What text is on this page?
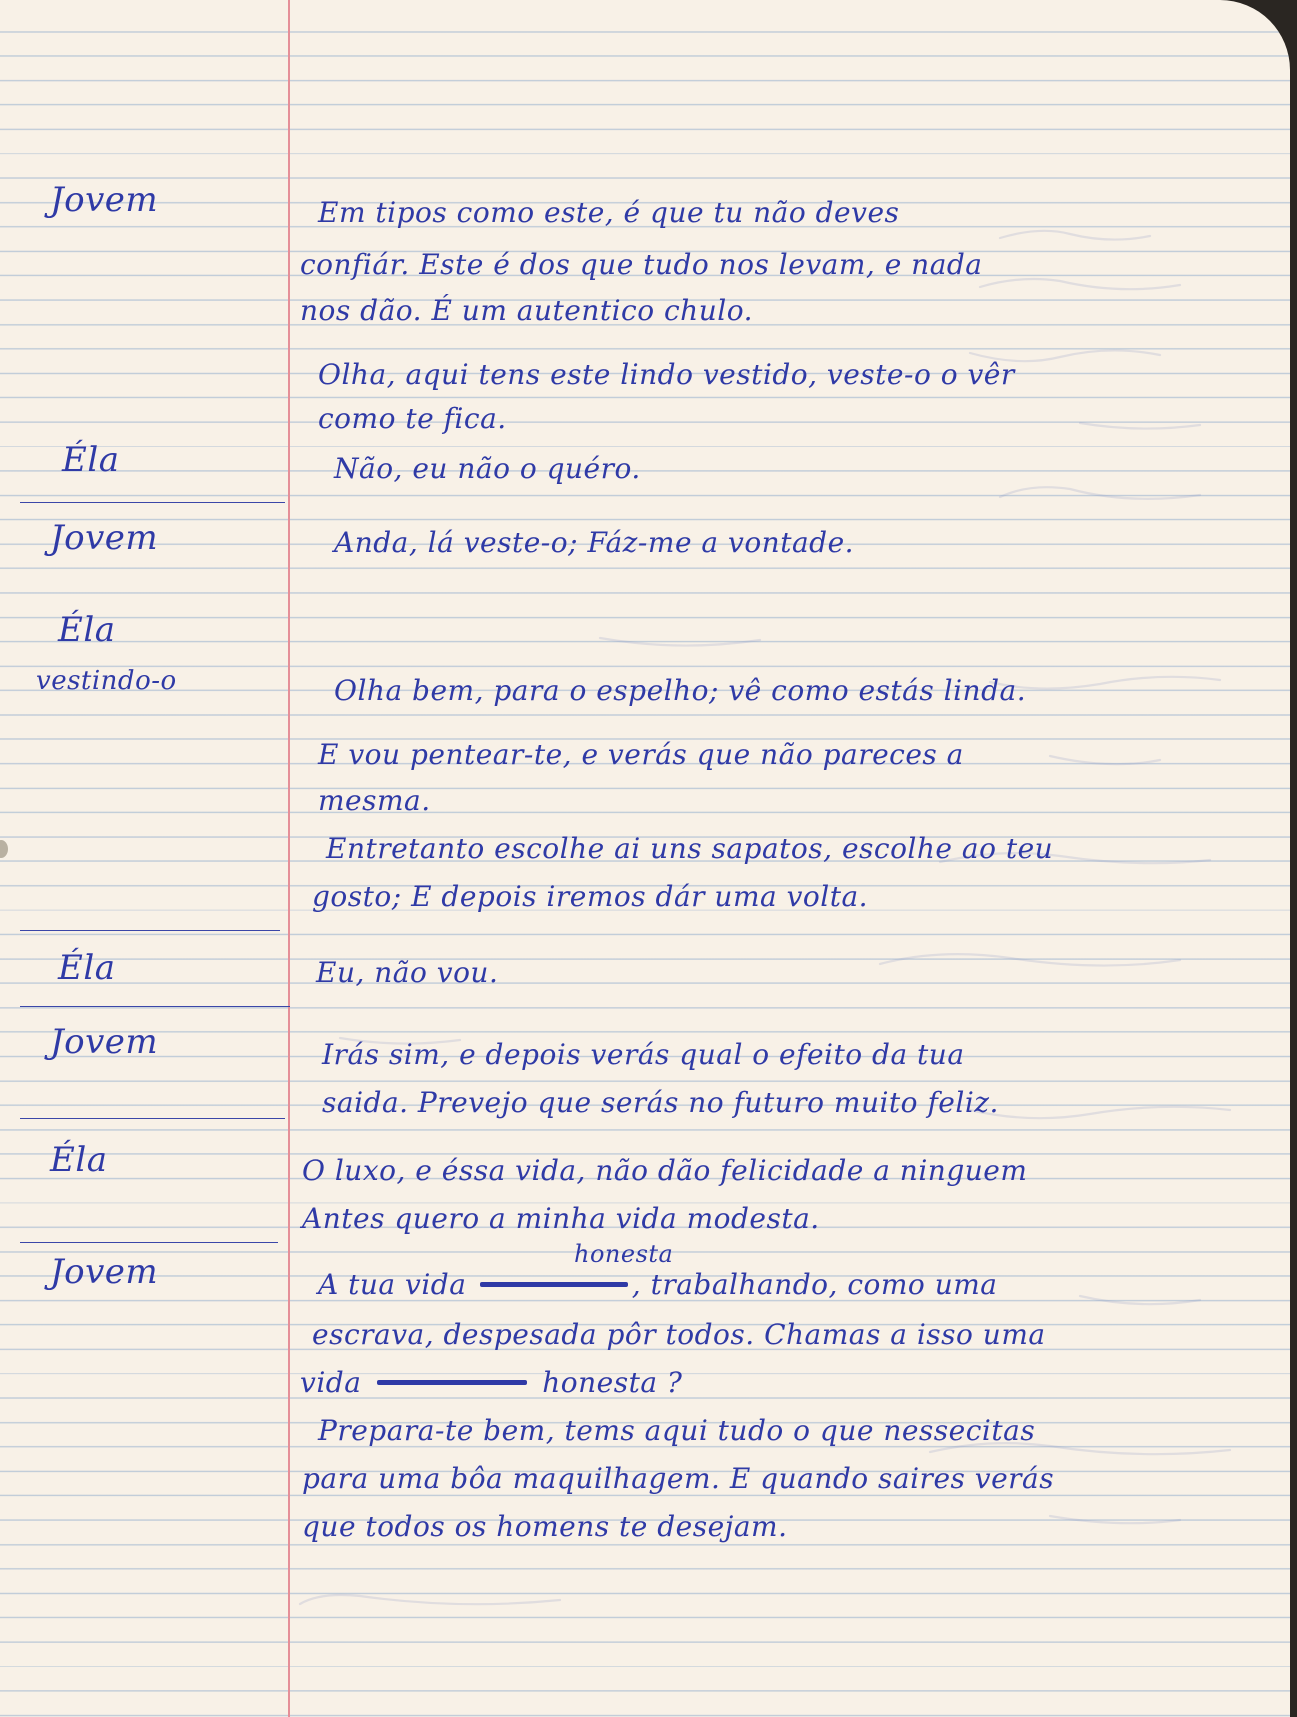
Jovem
Éla
Jovem
Éla
vestindo-o
Éla
Jovem
Éla
Jovem
Em tipos como este, é que tu não deves
confiár. Este é dos que tudo nos levam, e nada
nos dão. É um autentico chulo.
Olha, aqui tens este lindo vestido, veste-o o vêr
como te fica.
Não, eu não o quéro.
Anda, lá veste-o; Fáz-me a vontade.
Olha bem, para o espelho; vê como estás linda.
E vou pentear-te, e verás que não pareces a
mesma.
Entretanto escolhe ai uns sapatos, escolhe ao teu
gosto; E depois iremos dár uma volta.
Eu, não vou.
Irás sim, e depois verás qual o efeito da tua
saida. Prevejo que serás no futuro muito feliz.
O luxo, e éssa vida, não dão felicidade a ninguem
Antes quero a minha vida modesta.
honesta
A tua vida	, trabalhando, como uma
escrava, despesada pôr todos. Chamas a isso uma
vida	honesta ?
Prepara-te bem, tems aqui tudo o que nessecitas
para uma bôa maquilhagem. E quando saires verás
que todos os homens te desejam.
